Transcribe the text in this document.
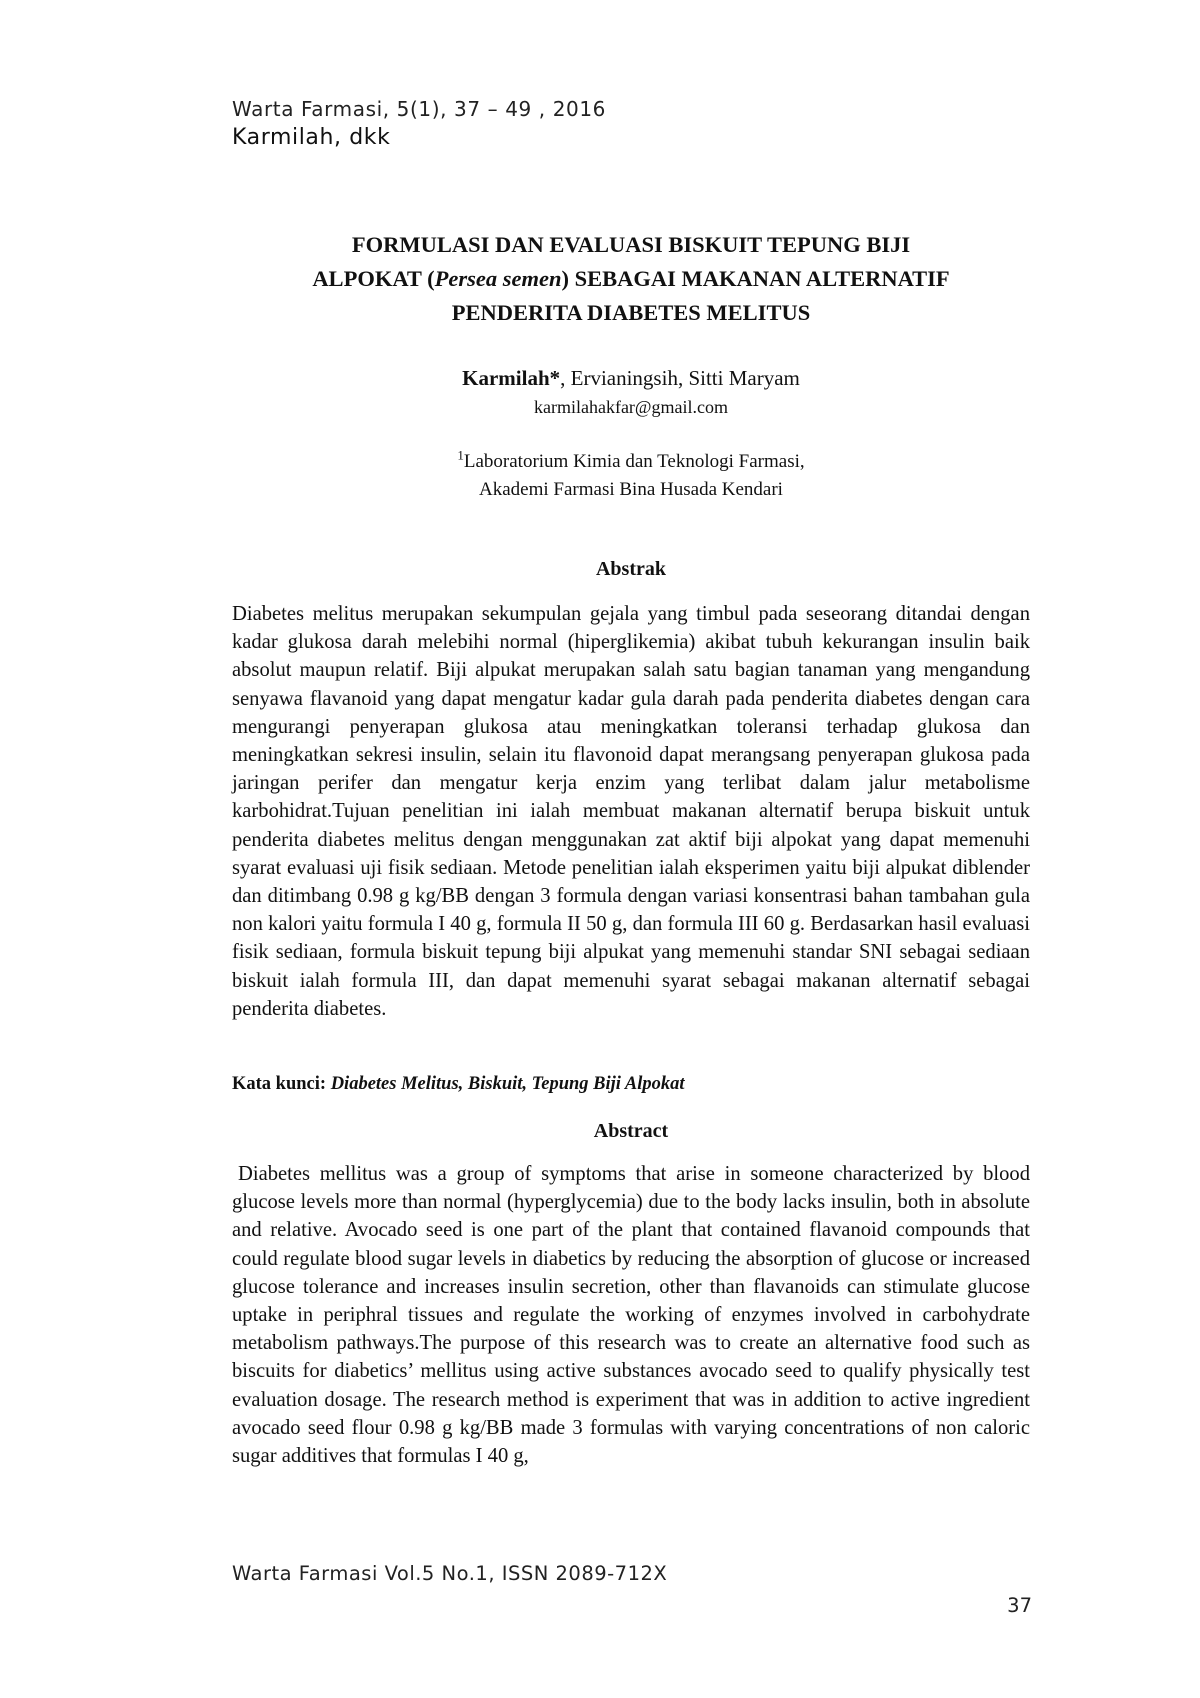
Warta Farmasi, 5(1), 37 – 49 , 2016
Karmilah, dkk
FORMULASI DAN EVALUASI BISKUIT TEPUNG BIJI
ALPOKAT (Persea semen) SEBAGAI MAKANAN ALTERNATIF
PENDERITA DIABETES MELITUS
Karmilah*, Ervianingsih, Sitti Maryam
karmilahakfar@gmail.com
$^1$Laboratorium Kimia dan Teknologi Farmasi,
Akademi Farmasi Bina Husada Kendari
Abstrak
Diabetes melitus merupakan sekumpulan gejala yang timbul pada seseorang ditandai dengan kadar glukosa darah melebihi normal (hiperglikemia) akibat tubuh kekurangan insulin baik absolut maupun relatif. Biji alpukat merupakan salah satu bagian tanaman yang mengandung senyawa flavanoid yang dapat mengatur kadar gula darah pada penderita diabetes dengan cara mengurangi penyerapan glukosa atau meningkatkan toleransi terhadap glukosa dan meningkatkan sekresi insulin, selain itu flavonoid dapat merangsang penyerapan glukosa pada jaringan perifer dan mengatur kerja enzim yang terlibat dalam jalur metabolisme karbohidrat.Tujuan penelitian ini ialah membuat makanan alternatif berupa biskuit untuk penderita diabetes melitus dengan menggunakan zat aktif biji alpokat yang dapat memenuhi syarat evaluasi uji fisik sediaan. Metode penelitian ialah eksperimen yaitu biji alpukat diblender dan ditimbang 0.98 g kg/BB dengan 3 formula dengan variasi konsentrasi bahan tambahan gula non kalori yaitu formula I 40 g, formula II 50 g, dan formula III 60 g. Berdasarkan hasil evaluasi fisik sediaan, formula biskuit tepung biji alpukat yang memenuhi standar SNI sebagai sediaan biskuit ialah formula III, dan dapat memenuhi syarat sebagai makanan alternatif sebagai penderita diabetes.
Kata kunci: Diabetes Melitus, Biskuit, Tepung Biji Alpokat
Abstract
Diabetes mellitus was a group of symptoms that arise in someone characterized by blood glucose levels more than normal (hyperglycemia) due to the body lacks insulin, both in absolute and relative. Avocado seed is one part of the plant that contained flavanoid compounds that could regulate blood sugar levels in diabetics by reducing the absorption of glucose or increased glucose tolerance and increases insulin secretion, other than flavanoids can stimulate glucose uptake in periphral tissues and regulate the working of enzymes involved in carbohydrate metabolism pathways.The purpose of this research was to create an alternative food such as biscuits for diabetics’ mellitus using active substances avocado seed to qualify physically test evaluation dosage. The research method is experiment that was in addition to active ingredient avocado seed flour 0.98 g kg/BB made 3 formulas with varying concentrations of non caloric sugar additives that formulas I 40 g,
Warta Farmasi Vol.5 No.1, ISSN 2089-712X
37
